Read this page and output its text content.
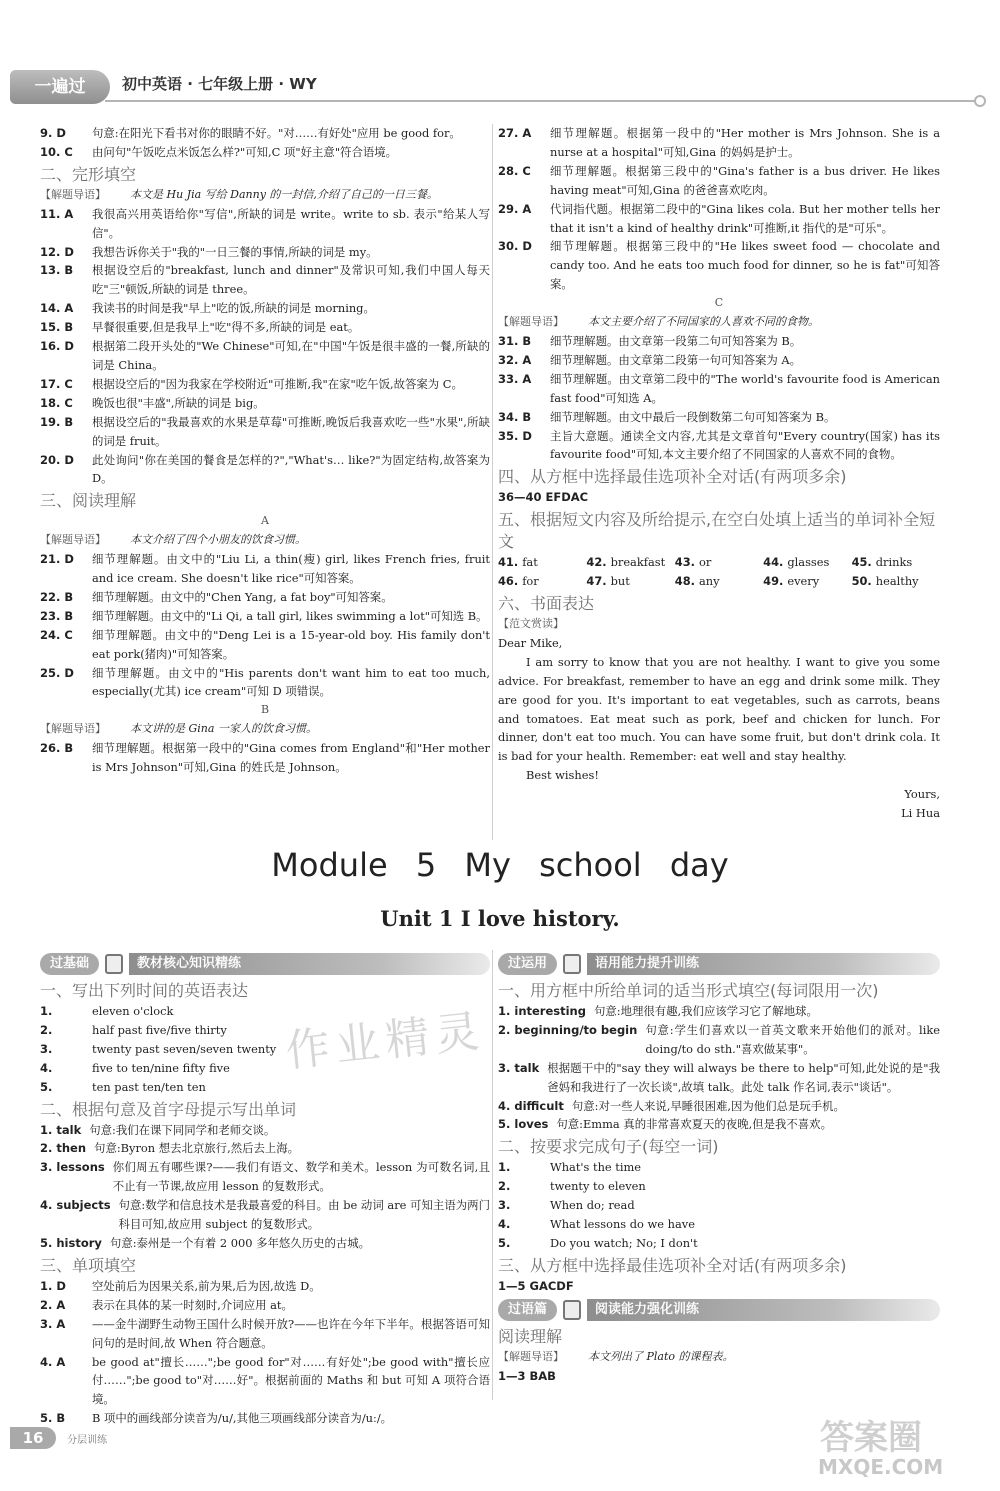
一遍过	初中英语 · 七年级上册 · WY
9. D	句意:在阳光下看书对你的眼睛不好。"对……有好处"应用 be good for。
10. C	由问句"午饭吃点米饭怎么样?"可知,C 项"好主意"符合语境。
二、完形填空
【解题导语】	本文是 Hu Jia 写给 Danny 的一封信,介绍了自己的一日三餐。
11. A	我很高兴用英语给你"写信",所缺的词是 write。write to sb. 表示"给某人写信"。
12. D	我想告诉你关于"我的"一日三餐的事情,所缺的词是 my。
13. B	根据设空后的"breakfast, lunch and dinner"及常识可知,我们中国人每天吃"三"顿饭,所缺的词是 three。
14. A	我读书的时间是我"早上"吃的饭,所缺的词是 morning。
15. B	早餐很重要,但是我早上"吃"得不多,所缺的词是 eat。
16. D	根据第二段开头处的"We Chinese"可知,在"中国"午饭是很丰盛的一餐,所缺的词是 China。
17. C	根据设空后的"因为我家在学校附近"可推断,我"在家"吃午饭,故答案为 C。
18. C	晚饭也很"丰盛",所缺的词是 big。
19. B	根据设空后的"我最喜欢的水果是草莓"可推断,晚饭后我喜欢吃一些"水果",所缺的词是 fruit。
20. D	此处询问"你在美国的餐食是怎样的?","What's… like?"为固定结构,故答案为 D。
三、阅读理解
A
【解题导语】	本文介绍了四个小朋友的饮食习惯。
21. D	细节理解题。由文中的"Liu Li, a thin(瘦) girl, likes French fries, fruit and ice cream. She doesn't like rice"可知答案。
22. B	细节理解题。由文中的"Chen Yang, a fat boy"可知答案。
23. B	细节理解题。由文中的"Li Qi, a tall girl, likes swimming a lot"可知选 B。
24. C	细节理解题。由文中的"Deng Lei is a 15-year-old boy. His family don't eat pork(猪肉)"可知答案。
25. D	细节理解题。由文中的"His parents don't want him to eat too much, especially(尤其) ice cream"可知 D 项错误。
B
【解题导语】	本文讲的是 Gina 一家人的饮食习惯。
26. B	细节理解题。根据第一段中的"Gina comes from England"和"Her mother is Mrs Johnson"可知,Gina 的姓氏是 Johnson。
27. A	细节理解题。根据第一段中的"Her mother is Mrs Johnson. She is a nurse at a hospital"可知,Gina 的妈妈是护士。
28. C	细节理解题。根据第三段中的"Gina's father is a bus driver. He likes having meat"可知,Gina 的爸爸喜欢吃肉。
29. A	代词指代题。根据第二段中的"Gina likes cola. But her mother tells her that it isn't a kind of healthy drink"可推断,it 指代的是"可乐"。
30. D	细节理解题。根据第三段中的"He likes sweet food — chocolate and candy too. And he eats too much food for dinner, so he is fat"可知答案。
C
【解题导语】	本文主要介绍了不同国家的人喜欢不同的食物。
31. B	细节理解题。由文章第一段第二句可知答案为 B。
32. A	细节理解题。由文章第二段第一句可知答案为 A。
33. A	细节理解题。由文章第二段中的"The world's favourite food is American fast food"可知选 A。
34. B	细节理解题。由文中最后一段倒数第二句可知答案为 B。
35. D	主旨大意题。通读全文内容,尤其是文章首句"Every country(国家) has its favourite food"可知,本文主要介绍了不同国家的人喜欢不同的食物。
四、从方框中选择最佳选项补全对话(有两项多余)
36—40 EFDAC
五、根据短文内容及所给提示,在空白处填上适当的单词补全短文
41. fat	42. breakfast 43. or	44. glasses	45. drinks
46. for	47. but	48. any	49. every	50. healthy
六、书面表达
【范文赏读】
Dear Mike,

I am sorry to know that you are not healthy. I want to give you some advice. For breakfast, remember to have an egg and drink some milk. They are good for you. It's important to eat vegetables, such as carrots, beans and tomatoes. Eat meat such as pork, beef and chicken for lunch. For dinner, don't eat too much. You can have some fruit, but don't drink cola. It is bad for your health. Remember: eat well and stay healthy.

Best wishes!

Yours,
Li Hua
Module 5 My school day
Unit 1 I love history.
过基础	教材核心知识精练
一、写出下列时间的英语表达
1.	eleven o'clock
2.	half past five/five thirty
3.	twenty past seven/seven twenty
4.	five to ten/nine fifty five
5.	ten past ten/ten ten
二、根据句意及首字母提示写出单词
1. talk 句意:我们在课下同同学和老师交谈。
2. then 句意:Byron 想去北京旅行,然后去上海。
3. lessons 你们周五有哪些课?——我们有语文、数学和美术。lesson 为可数名词,且不止有一节课,故应用 lesson 的复数形式。
4. subjects 句意:数学和信息技术是我最喜爱的科目。由 be 动词 are 可知主语为两门科目可知,故应用 subject 的复数形式。
5. history 句意:泰州是一个有着 2 000 多年悠久历史的古城。
三、单项填空
1. D	空处前后为因果关系,前为果,后为因,故选 D。
2. A	表示在具体的某一时刻时,介词应用 at。
3. A	——金牛湖野生动物王国什么时候开放?——也许在今年下半年。根据答语可知问句的是时间,故 When 符合题意。
4. A	be good at"擅长……";be good for"对……有好处";be good with"擅长应付……";be good to"对……好"。根据前面的 Maths 和 but 可知 A 项符合语境。
5. B	B 项中的画线部分读音为/u/,其他三项画线部分读音为/uː/。
过运用	语用能力提升训练
一、用方框中所给单词的适当形式填空(每词限用一次)
1. interesting 句意:地理很有趣,我们应该学习它了解地球。
2. beginning/to begin 句意:学生们喜欢以一首英文歌来开始他们的派对。like doing/to do sth."喜欢做某事"。
3. talk 根据题干中的"say they will always be there to help"可知,此处说的是"我爸妈和我进行了一次长谈",故填 talk。此处 talk 作名词,表示"谈话"。
4. difficult 句意:对一些人来说,早睡很困难,因为他们总是玩手机。
5. loves 句意:Emma 真的非常喜欢夏天的夜晚,但是我不喜欢。
二、按要求完成句子(每空一词)
1.	What's the time
2.	twenty to eleven
3.	When do; read
4.	What lessons do we have
5.	Do you watch; No; I don't
三、从方框中选择最佳选项补全对话(有两项多余)
1—5 GACDF
过语篇	阅读能力强化训练
阅读理解
【解题导语】	本文列出了 Plato 的课程表。
1—3 BAB
16 分层训练
作业精灵
答案圈
MXQE.COM
